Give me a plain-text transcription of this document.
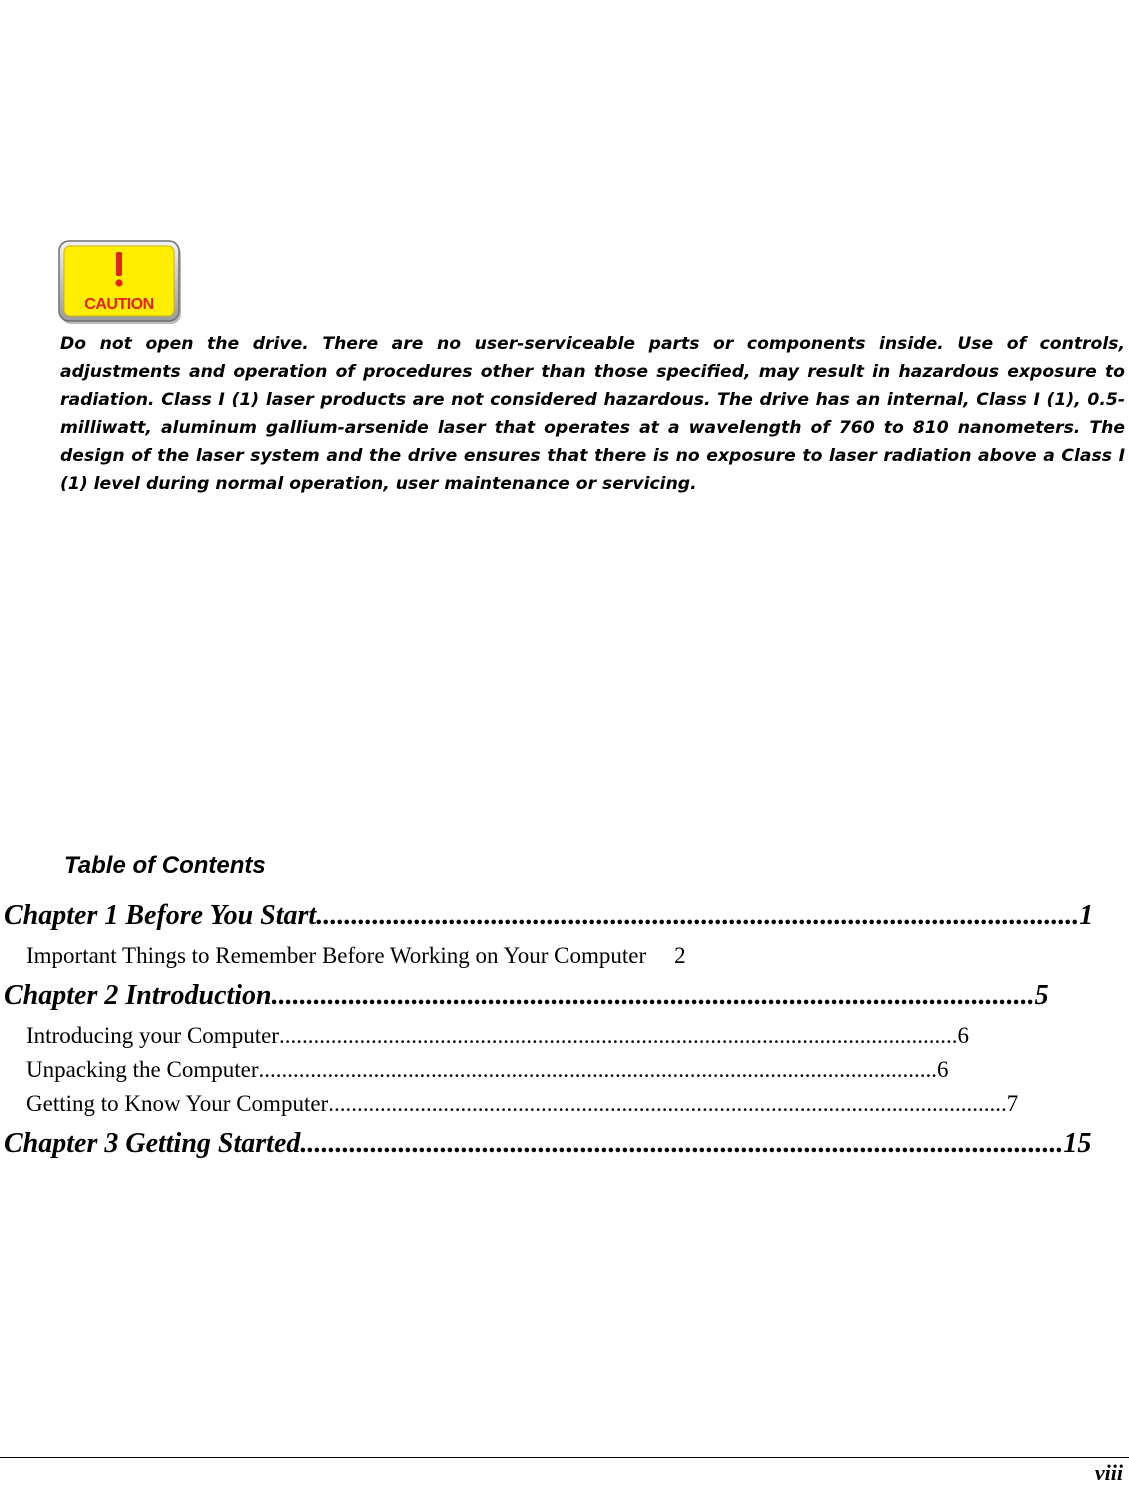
CAUTION

Do not open the drive. There are no user-serviceable parts or components inside. Use of controls, adjustments and operation of procedures other than those specified, may result in hazardous exposure to radiation. Class I (1) laser products are not considered hazardous. The drive has an internal, Class I (1), 0.5-milliwatt, aluminum gallium-arsenide laser that operates at a wavelength of 760 to 810 nanometers. The design of the laser system and the drive ensures that there is no exposure to laser radiation above a Class I (1) level during normal operation, user maintenance or servicing.

Table of Contents

Chapter 1 Before You Start ............................................................................................................. 1
Important Things to Remember Before Working on Your Computer 2
Chapter 2 Introduction ............................................................................................................. 5
Introducing your Computer ...................................................................................................................... 6
Unpacking the Computer ...................................................................................................................... 6
Getting to Know Your Computer ...................................................................................................................... 7
Chapter 3 Getting Started ............................................................................................................. 15

viii
